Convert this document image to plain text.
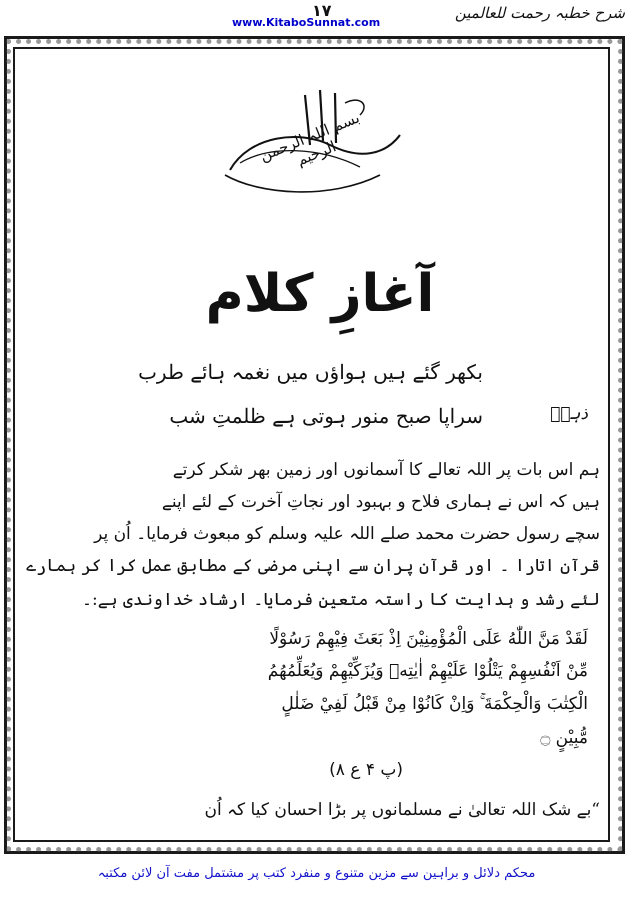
شرح خطبہ رحمت للعالمین
١٧
www.KitaboSunnat.com
بسم اللہ الرحمن الرحیم
آغازِ کلام
بکھر گئے ہیں ہواؤں میں نغمہ ہائے طرب
سراپا صبح منور ہوتی ہے ظلمتِ شب	ذہنؔ
ہم اس بات پر اللہ تعالے کا آسمانوں اور زمین بھر شکر کرتے
ہیں کہ اس نے ہماری فلاح و بہبود اور نجاتِ آخرت کے لئے اپنے
سچے رسول حضرت محمد صلے اللہ علیہ وسلم کو مبعوث فرمایا۔ اُن پر
قرآن اتارا ۔ اور قرآن پران سے اپنی مرضی کے مطابق عمل کرا کر ہمارے
لئے رشد و ہدایت کا راستہ متعین فرمایا۔ ارشاد خداوندی ہے:۔
لَقَدْ مَنَّ اللّٰهُ عَلَى الْمُؤْمِنِيْنَ اِذْ بَعَثَ فِيْهِمْ رَسُوْلًا
مِّنْ اَنْفُسِهِمْ يَتْلُوْا عَلَيْهِمْ اٰيٰتِهٖ وَيُزَكِّيْهِمْ وَيُعَلِّمُهُمُ
الْكِتٰبَ وَالْحِكْمَةَ ۚ وَاِنْ كَانُوْا مِنْ قَبْلُ لَفِيْ ضَلٰلٍ
مُّبِيْنٍ ۝
(پ ۴ ع ۸)
“بے شک اللہ تعالیٰ نے مسلمانوں پر بڑا احسان کیا کہ اُن
محکم دلائل و براہین سے مزین متنوع و منفرد کتب پر مشتمل مفت آن لائن مکتبہ
